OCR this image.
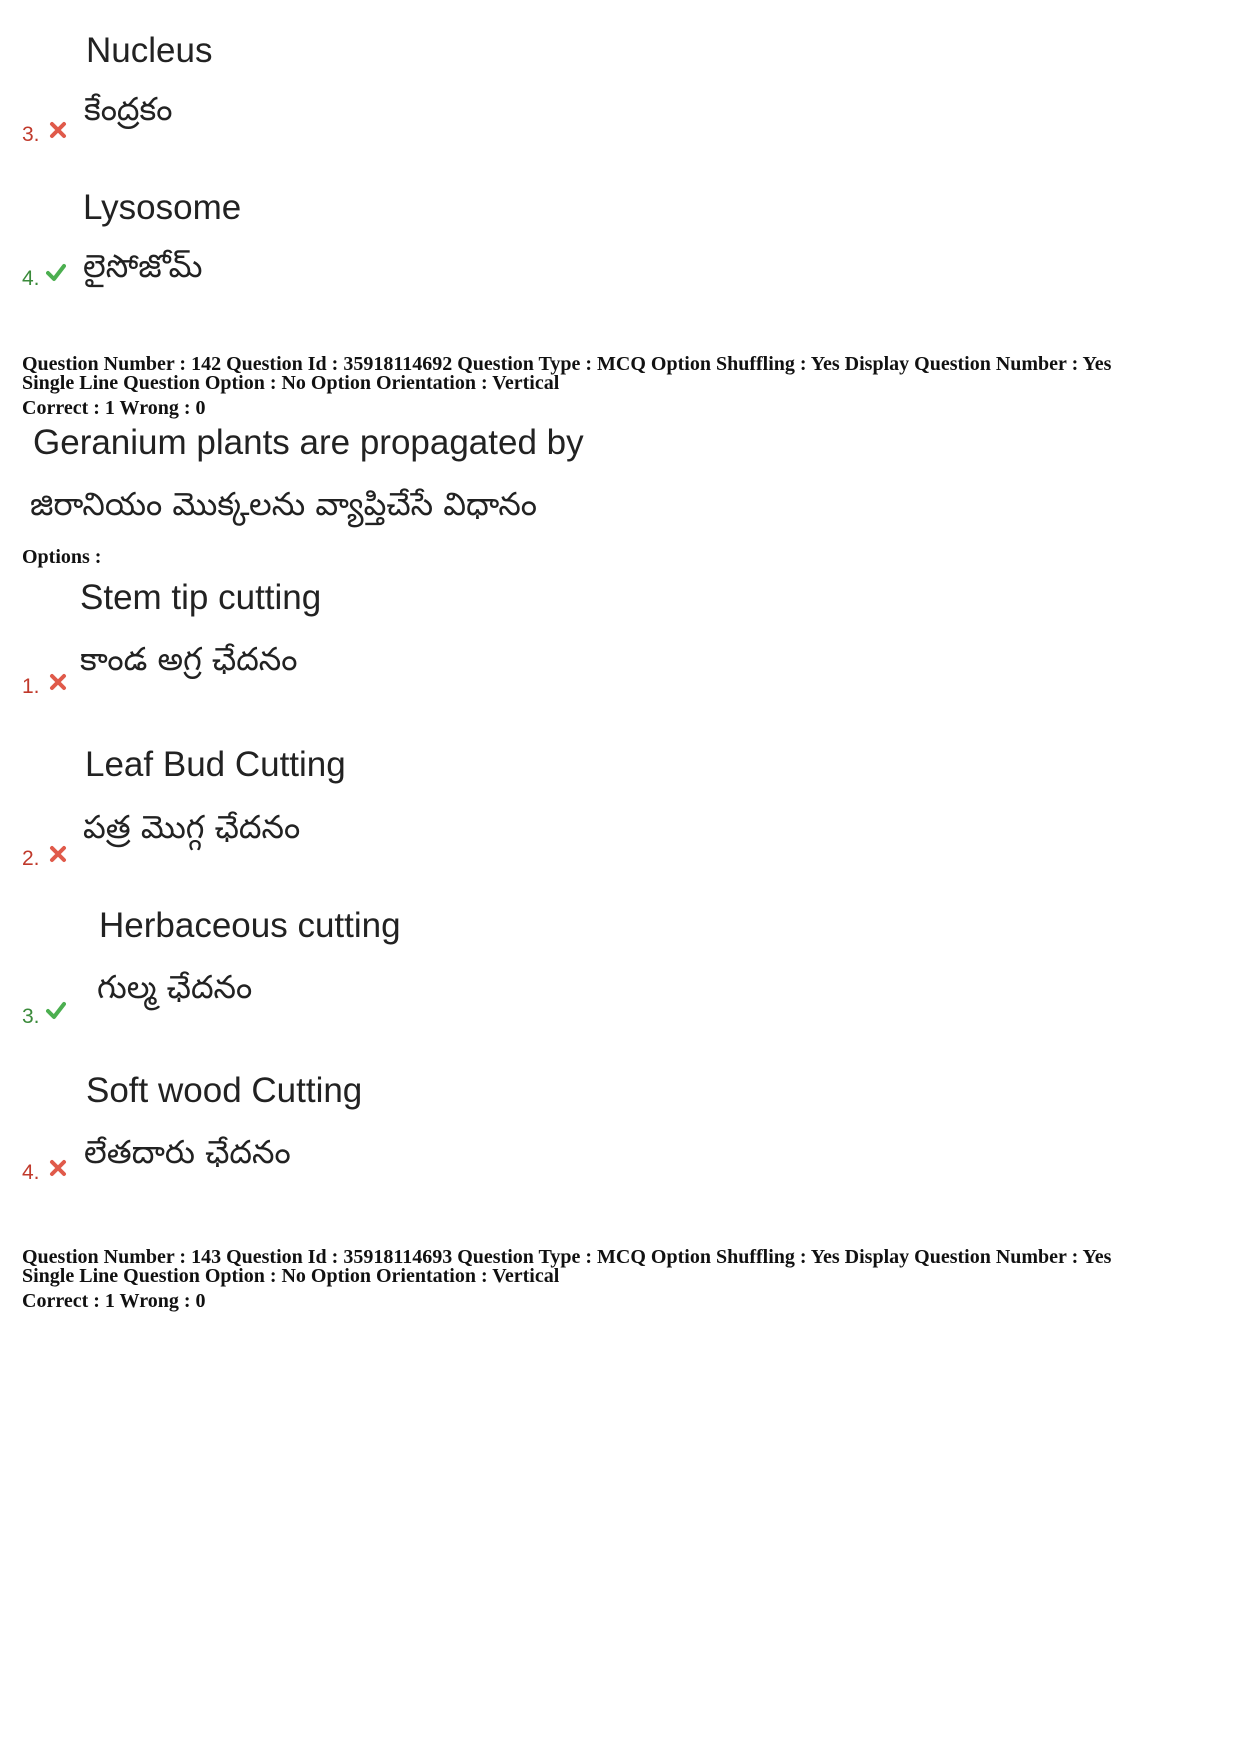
Nucleus
కేంద్రకం
3.
Lysosome
లైసోజోమ్
4.
Question Number : 142 Question Id : 35918114692 Question Type : MCQ Option Shuffling : Yes Display Question Number : Yes
Single Line Question Option : No Option Orientation : Vertical
Correct : 1 Wrong : 0
Geranium plants are propagated by
జిరానియం మొక్కలను వ్యాప్తిచేసే విధానం
Options :
Stem tip cutting
కాండ అగ్ర ఛేదనం
1.
Leaf Bud Cutting
పత్ర మొగ్గ ఛేదనం
2.
Herbaceous cutting
గుల్మ ఛేదనం
3.
Soft wood Cutting
లేతదారు ఛేదనం
4.
Question Number : 143 Question Id : 35918114693 Question Type : MCQ Option Shuffling : Yes Display Question Number : Yes
Single Line Question Option : No Option Orientation : Vertical
Correct : 1 Wrong : 0
